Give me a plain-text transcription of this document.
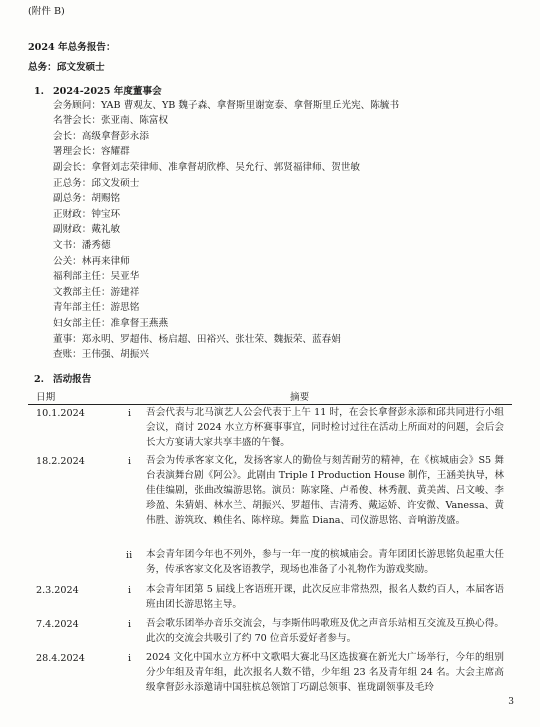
(附件 B)
2024 年总务报告：
总务：邱文发硕士
1. 2024-2025 年度董事会
会务顾问：YAB 曹观友、YB 魏子森、拿督斯里谢宽泰、拿督斯里丘光宪、陈毓书
名誉会长：张亚南、陈富权
会长：高级拿督彭永添
署理会长：容耀群
副会长：拿督刘志荣律师、准拿督胡欣桦、吴允行、郭贤福律师、贺世敏
正总务：邱文发硕士
副总务：胡赐铭
正财政：钟宝环
副财政：戴礼敏
文书：潘秀德
公关：林再来律师
福利部主任：吴亚华
文教部主任：游建祥
青年部主任：游思铭
妇女部主任：准拿督王燕燕
董事：郑永明、罗超伟、杨启超、田裕兴、张壮荣、魏振荣、蓝春娟
查账：王伟强、胡振兴
2. 活动报告
日期	摘要
10.1.2024	i 吾会代表与北马演艺人公会代表于上午 11 时，在会长拿督彭永添和邱共同进行小组会议，商讨 2024 水立方杯赛事事宜，同时检讨过往在活动上所面对的问题，会后会长大方宴请大家共享丰盛的午餐。
18.2.2024	i 吾会为传承客家文化，发扬客家人的勤俭与刻苦耐劳的精神，在《槟城庙会》S5 舞台表演舞台剧《阿公》。此剧由 Triple I Production House 制作，王涵美执导，林佳佳编剧，张曲改编游思铭。演员：陈家隆、卢希俊、林秀靓、黄美茜、吕文峻、李珍盈、朱猜娟、林水兰、胡振兴、罗超伟、吉清秀、戴运娇、许安微、Vanessa、黄伟胜、游筑玫、赖佳名、陈梓琼。舞监 Diana、司仪游思铭、音响游茂盛。
ii 本会青年团今年也不列外，参与一年一度的槟城庙会。青年团团长游思铭负起重大任务，传承客家文化及客语教学，现场也准备了小礼物作为游戏奖励。
2.3.2024	i 本会青年团第 5 届线上客语班开课，此次反应非常热烈，报名人数约百人，本届客语班由团长游思铭主导。
7.4.2024	i 吾会歌乐团举办音乐交流会，与李斯伟吗歌班及优之声音乐站相互交流及互换心得。此次的交流会共吸引了约 70 位音乐爱好者参与。
28.4.2024	i 2024 文化中国水立方杯中文歌唱大赛北马区选拔赛在新光大广场举行，今年的组别分少年组及青年组，此次报名人数不错，少年组 23 名及青年组 24 名。大会主席高级拿督彭永添邀请中国驻槟总领馆丁巧副总领事、崔珑副领事及毛玲
3
